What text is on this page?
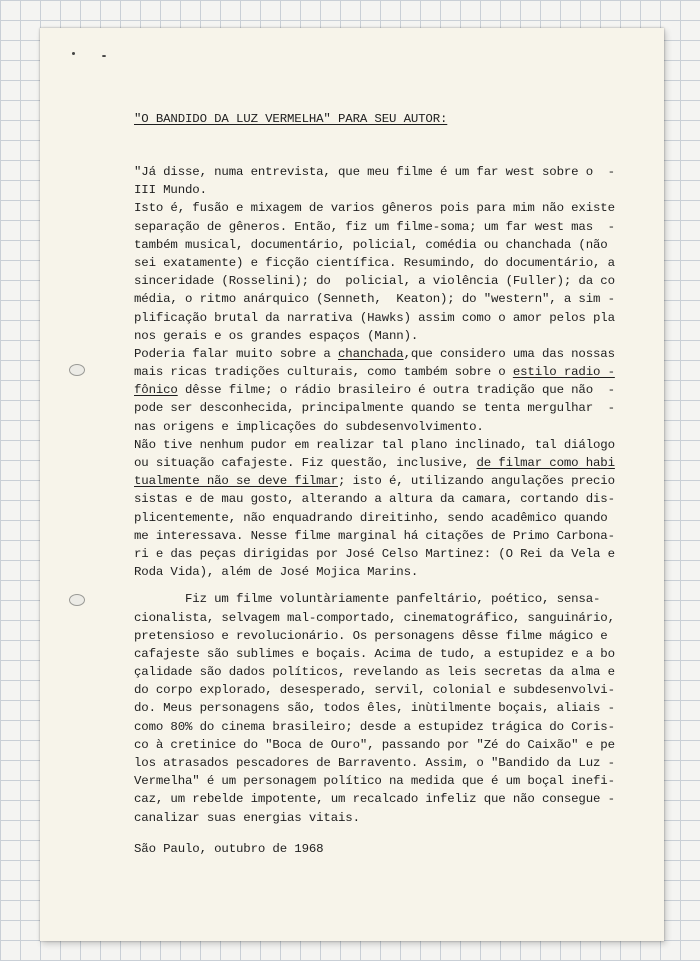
"O BANDIDO DA LUZ VERMELHA" PARA SEU AUTOR:
"Já disse, numa entrevista, que meu filme é um far west sobre o  -
III Mundo.
Isto é, fusão e mixagem de varios gêneros pois para mim não existe
separação de gêneros. Então, fiz um filme-soma; um far west mas  -
também musical, documentário, policial, comédia ou chanchada (não
sei exatamente) e ficção científica. Resumindo, do documentário, a
sinceridade (Rosselini); do  policial, a violência (Fuller); da co
média, o ritmo anárquico (Senneth,  Keaton); do "western", a sim -
plificação brutal da narrativa (Hawks) assim como o amor pelos pla
nos gerais e os grandes espaços (Mann).
Poderia falar muito sobre a chanchada,que considero uma das nossas
mais ricas tradições culturais, como também sobre o estilo radio -
fônico dêsse filme; o rádio brasileiro é outra tradição que não  -
pode ser desconhecida, principalmente quando se tenta mergulhar  -
nas origens e implicações do subdesenvolvimento.
Não tive nenhum pudor em realizar tal plano inclinado, tal diálogo
ou situação cafajeste. Fiz questão, inclusive, de filmar como habi
tualmente não se deve filmar; isto é, utilizando angulações precio
sistas e de mau gosto, alterando a altura da camara, cortando dis-
plicentemente, não enquadrando direitinho, sendo acadêmico quando
me interessava. Nesse filme marginal há citações de Primo Carbona-
ri e das peças dirigidas por José Celso Martinez: (O Rei da Vela e
Roda Vida), além de José Mojica Marins.
Fiz um filme voluntàriamente panfeltário, poético, sensa-
cionalista, selvagem mal-comportado, cinematográfico, sanguinário,
pretensioso e revolucionário. Os personagens dêsse filme mágico e
cafajeste são sublimes e boçais. Acima de tudo, a estupidez e a bo
çalidade são dados políticos, revelando as leis secretas da alma e
do corpo explorado, desesperado, servil, colonial e subdesenvolvi-
do. Meus personagens são, todos êles, inùtilmente boçais, aliais -
como 80% do cinema brasileiro; desde a estupidez trágica do Coris-
co à cretinice do "Boca de Ouro", passando por "Zé do Caixão" e pe
los atrasados pescadores de Barravento. Assim, o "Bandido da Luz -
Vermelha" é um personagem político na medida que é um boçal inefi-
caz, um rebelde impotente, um recalcado infeliz que não consegue -
canalizar suas energias vitais.
São Paulo, outubro de 1968
